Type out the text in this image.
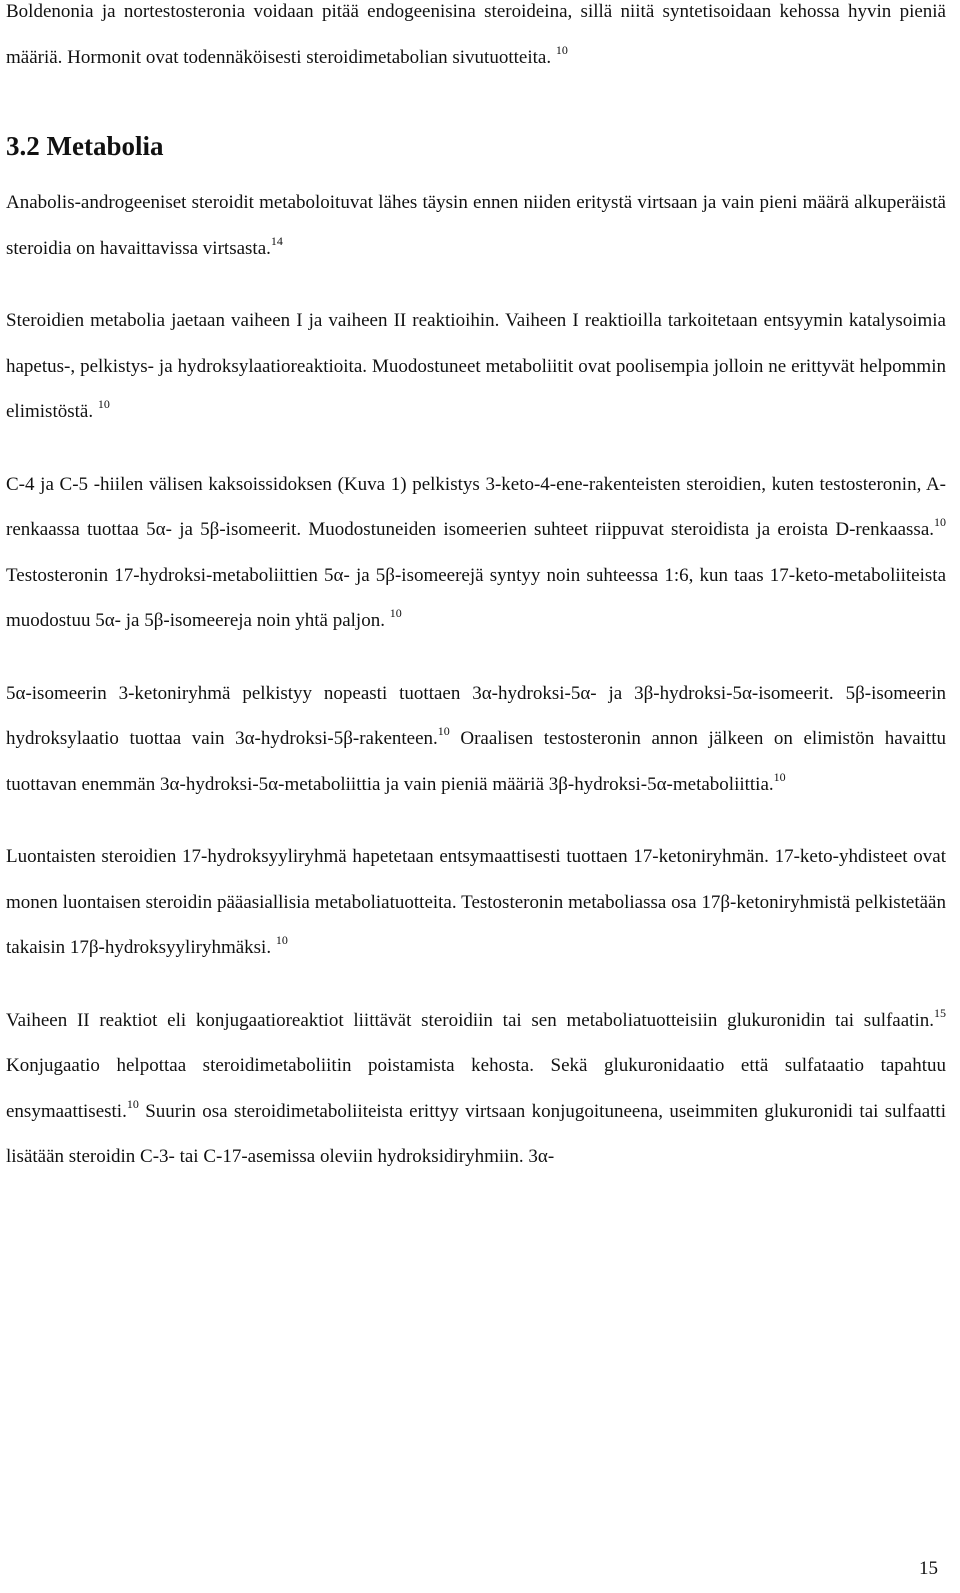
Boldenonia ja nortestosteronia voidaan pitää endogeenisina steroideina, sillä niitä syntetisoidaan kehossa hyvin pieniä määriä. Hormonit ovat todennäköisesti steroidimetabolian sivutuotteita. $^{10}$

3.2 Metabolia

Anabolis-androgeeniset steroidit metaboloituvat lähes täysin ennen niiden eritystä virtsaan ja vain pieni määrä alkuperäistä steroidia on havaittavissa virtsasta.$^{14}$

Steroidien metabolia jaetaan vaiheen I ja vaiheen II reaktioihin. Vaiheen I reaktioilla tarkoitetaan entsyymin katalysoimia hapetus-, pelkistys- ja hydroksylaatioreaktioita. Muodostuneet metaboliitit ovat poolisempia jolloin ne erittyvät helpommin elimistöstä. $^{10}$

C-4 ja C-5 -hiilen välisen kaksoissidoksen (Kuva 1) pelkistys 3-keto-4-ene-rakenteisten steroidien, kuten testosteronin, A-renkaassa tuottaa 5α- ja 5β-isomeerit. Muodostuneiden isomeerien suhteet riippuvat steroidista ja eroista D-renkaassa.$^{10}$ Testosteronin 17-hydroksi-metaboliittien 5α- ja 5β-isomeerejä syntyy noin suhteessa 1:6, kun taas 17-keto-metaboliiteista muodostuu 5α- ja 5β-isomeereja noin yhtä paljon. $^{10}$

5α-isomeerin 3-ketoniryhmä pelkistyy nopeasti tuottaen 3α-hydroksi-5α- ja 3β-hydroksi-5α-isomeerit. 5β-isomeerin hydroksylaatio tuottaa vain 3α-hydroksi-5β-rakenteen.$^{10}$ Oraalisen testosteronin annon jälkeen on elimistön havaittu tuottavan enemmän 3α-hydroksi-5α-metaboliittia ja vain pieniä määriä 3β-hydroksi-5α-metaboliittia.$^{10}$

Luontaisten steroidien 17-hydroksyyliryhmä hapetetaan entsymaattisesti tuottaen 17-ketoniryhmän. 17-keto-yhdisteet ovat monen luontaisen steroidin pääasiallisia metaboliatuotteita. Testosteronin metaboliassa osa 17β-ketoniryhmistä pelkistetään takaisin 17β-hydroksyyliryhmäksi. $^{10}$

Vaiheen II reaktiot eli konjugaatioreaktiot liittävät steroidiin tai sen metaboliatuotteisiin glukuronidin tai sulfaatin.$^{15}$ Konjugaatio helpottaa steroidimetaboliitin poistamista kehosta. Sekä glukuronidaatio että sulfataatio tapahtuu ensymaattisesti.$^{10}$ Suurin osa steroidimetaboliiteista erittyy virtsaan konjugoituneena, useimmiten glukuronidi tai sulfaatti lisätään steroidin C-3- tai C-17-asemissa oleviin hydroksidiryhmiin. 3α-

15
